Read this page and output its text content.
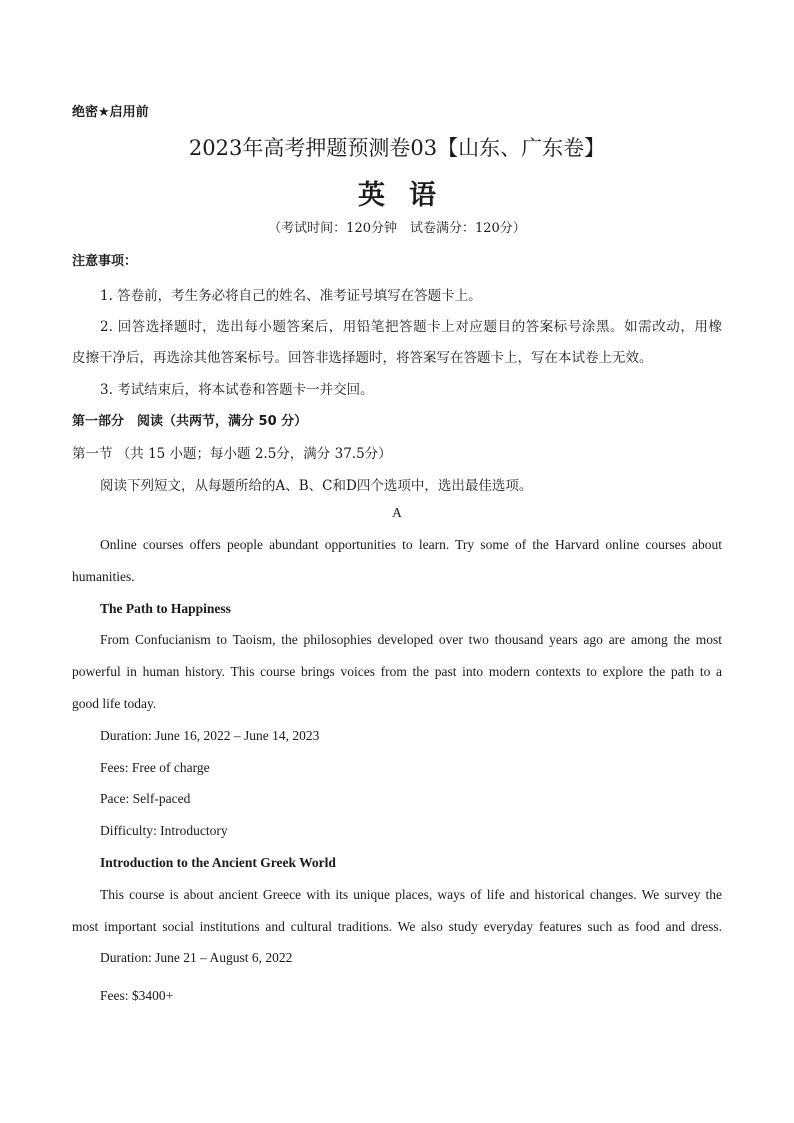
绝密★启用前
2023年高考押题预测卷03【山东、广东卷】
英语
（考试时间：120分钟　试卷满分：120分）
注意事项：
1. 答卷前，考生务必将自己的姓名、准考证号填写在答题卡上。
2. 回答选择题时，选出每小题答案后，用铅笔把答题卡上对应题目的答案标号涂黑。如需改动，用橡
皮擦干净后，再选涂其他答案标号。回答非选择题时，将答案写在答题卡上，写在本试卷上无效。
3. 考试结束后，将本试卷和答题卡一并交回。
第一部分　阅读（共两节，满分 50 分）
第一节 （共 15 小题；每小题 2.5分，满分 37.5分）
阅读下列短文，从每题所给的A、B、C和D四个选项中，选出最佳选项。
A
Online courses offers people abundant opportunities to learn. Try some of the Harvard online courses about
humanities.
The Path to Happiness
From Confucianism to Taoism, the philosophies developed over two thousand years ago are among the most
powerful in human history. This course brings voices from the past into modern contexts to explore the path to a
good life today.
Duration: June 16, 2022 – June 14, 2023
Fees: Free of charge
Pace: Self-paced
Difficulty: Introductory
Introduction to the Ancient Greek World
This course is about ancient Greece with its unique places, ways of life and historical changes. We survey the
most important social institutions and cultural traditions. We also study everyday features such as food and dress.
Duration: June 21 – August 6, 2022
Fees: $3400+
